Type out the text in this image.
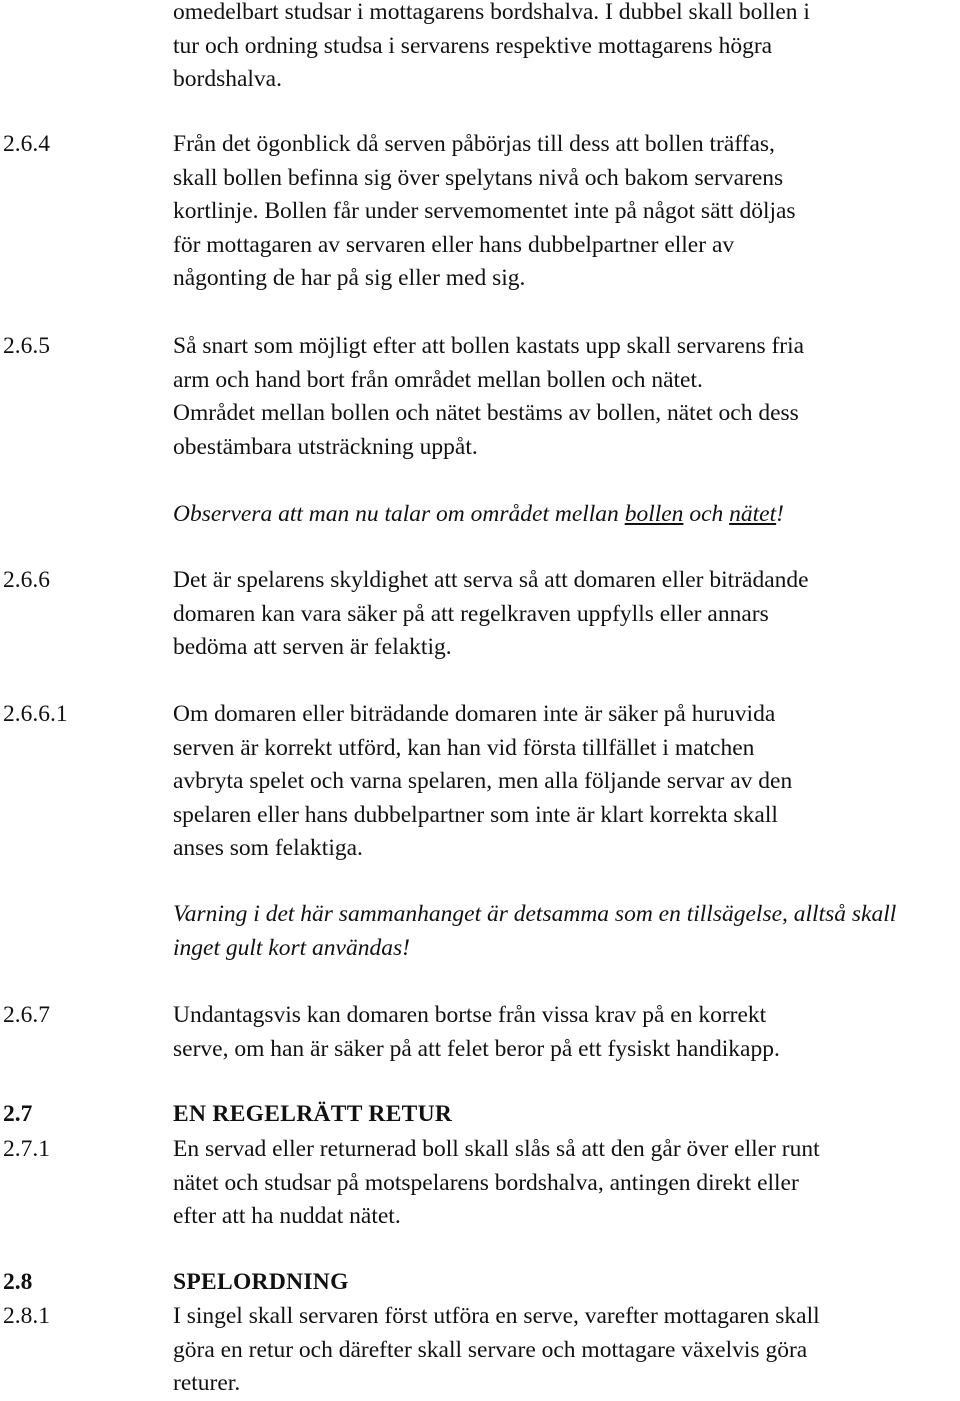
omedelbart studsar i mottagarens bordshalva. I dubbel skall bollen i
tur och ordning studsa i servarens respektive mottagarens högra
bordshalva.
2.6.4	Från det ögonblick då serven påbörjas till dess att bollen träffas,
skall bollen befinna sig över spelytans nivå och bakom servarens
kortlinje. Bollen får under servemomentet inte på något sätt döljas
för mottagaren av servaren eller hans dubbelpartner eller av
någonting de har på sig eller med sig.
2.6.5	Så snart som möjligt efter att bollen kastats upp skall servarens fria
arm och hand bort från området mellan bollen och nätet.
Området mellan bollen och nätet bestäms av bollen, nätet och dess
obestämbara utsträckning uppåt.
Observera att man nu talar om området mellan bollen och nätet!
2.6.6	Det är spelarens skyldighet att serva så att domaren eller biträdande
domaren kan vara säker på att regelkraven uppfylls eller annars
bedöma att serven är felaktig.
2.6.6.1	Om domaren eller biträdande domaren inte är säker på huruvida
serven är korrekt utförd, kan han vid första tillfället i matchen
avbryta spelet och varna spelaren, men alla följande servar av den
spelaren eller hans dubbelpartner som inte är klart korrekta skall
anses som felaktiga.
Varning i det här sammanhanget är detsamma som en tillsägelse, alltså skall
inget gult kort användas!
2.6.7	Undantagsvis kan domaren bortse från vissa krav på en korrekt
serve, om han är säker på att felet beror på ett fysiskt handikapp.
2.7	EN REGELRÄTT RETUR
2.7.1	En servad eller returnerad boll skall slås så att den går över eller runt
nätet och studsar på motspelarens bordshalva, antingen direkt eller
efter att ha nuddat nätet.
2.8	SPELORDNING
2.8.1	I singel skall servaren först utföra en serve, varefter mottagaren skall
göra en retur och därefter skall servare och mottagare växelvis göra
returer.
